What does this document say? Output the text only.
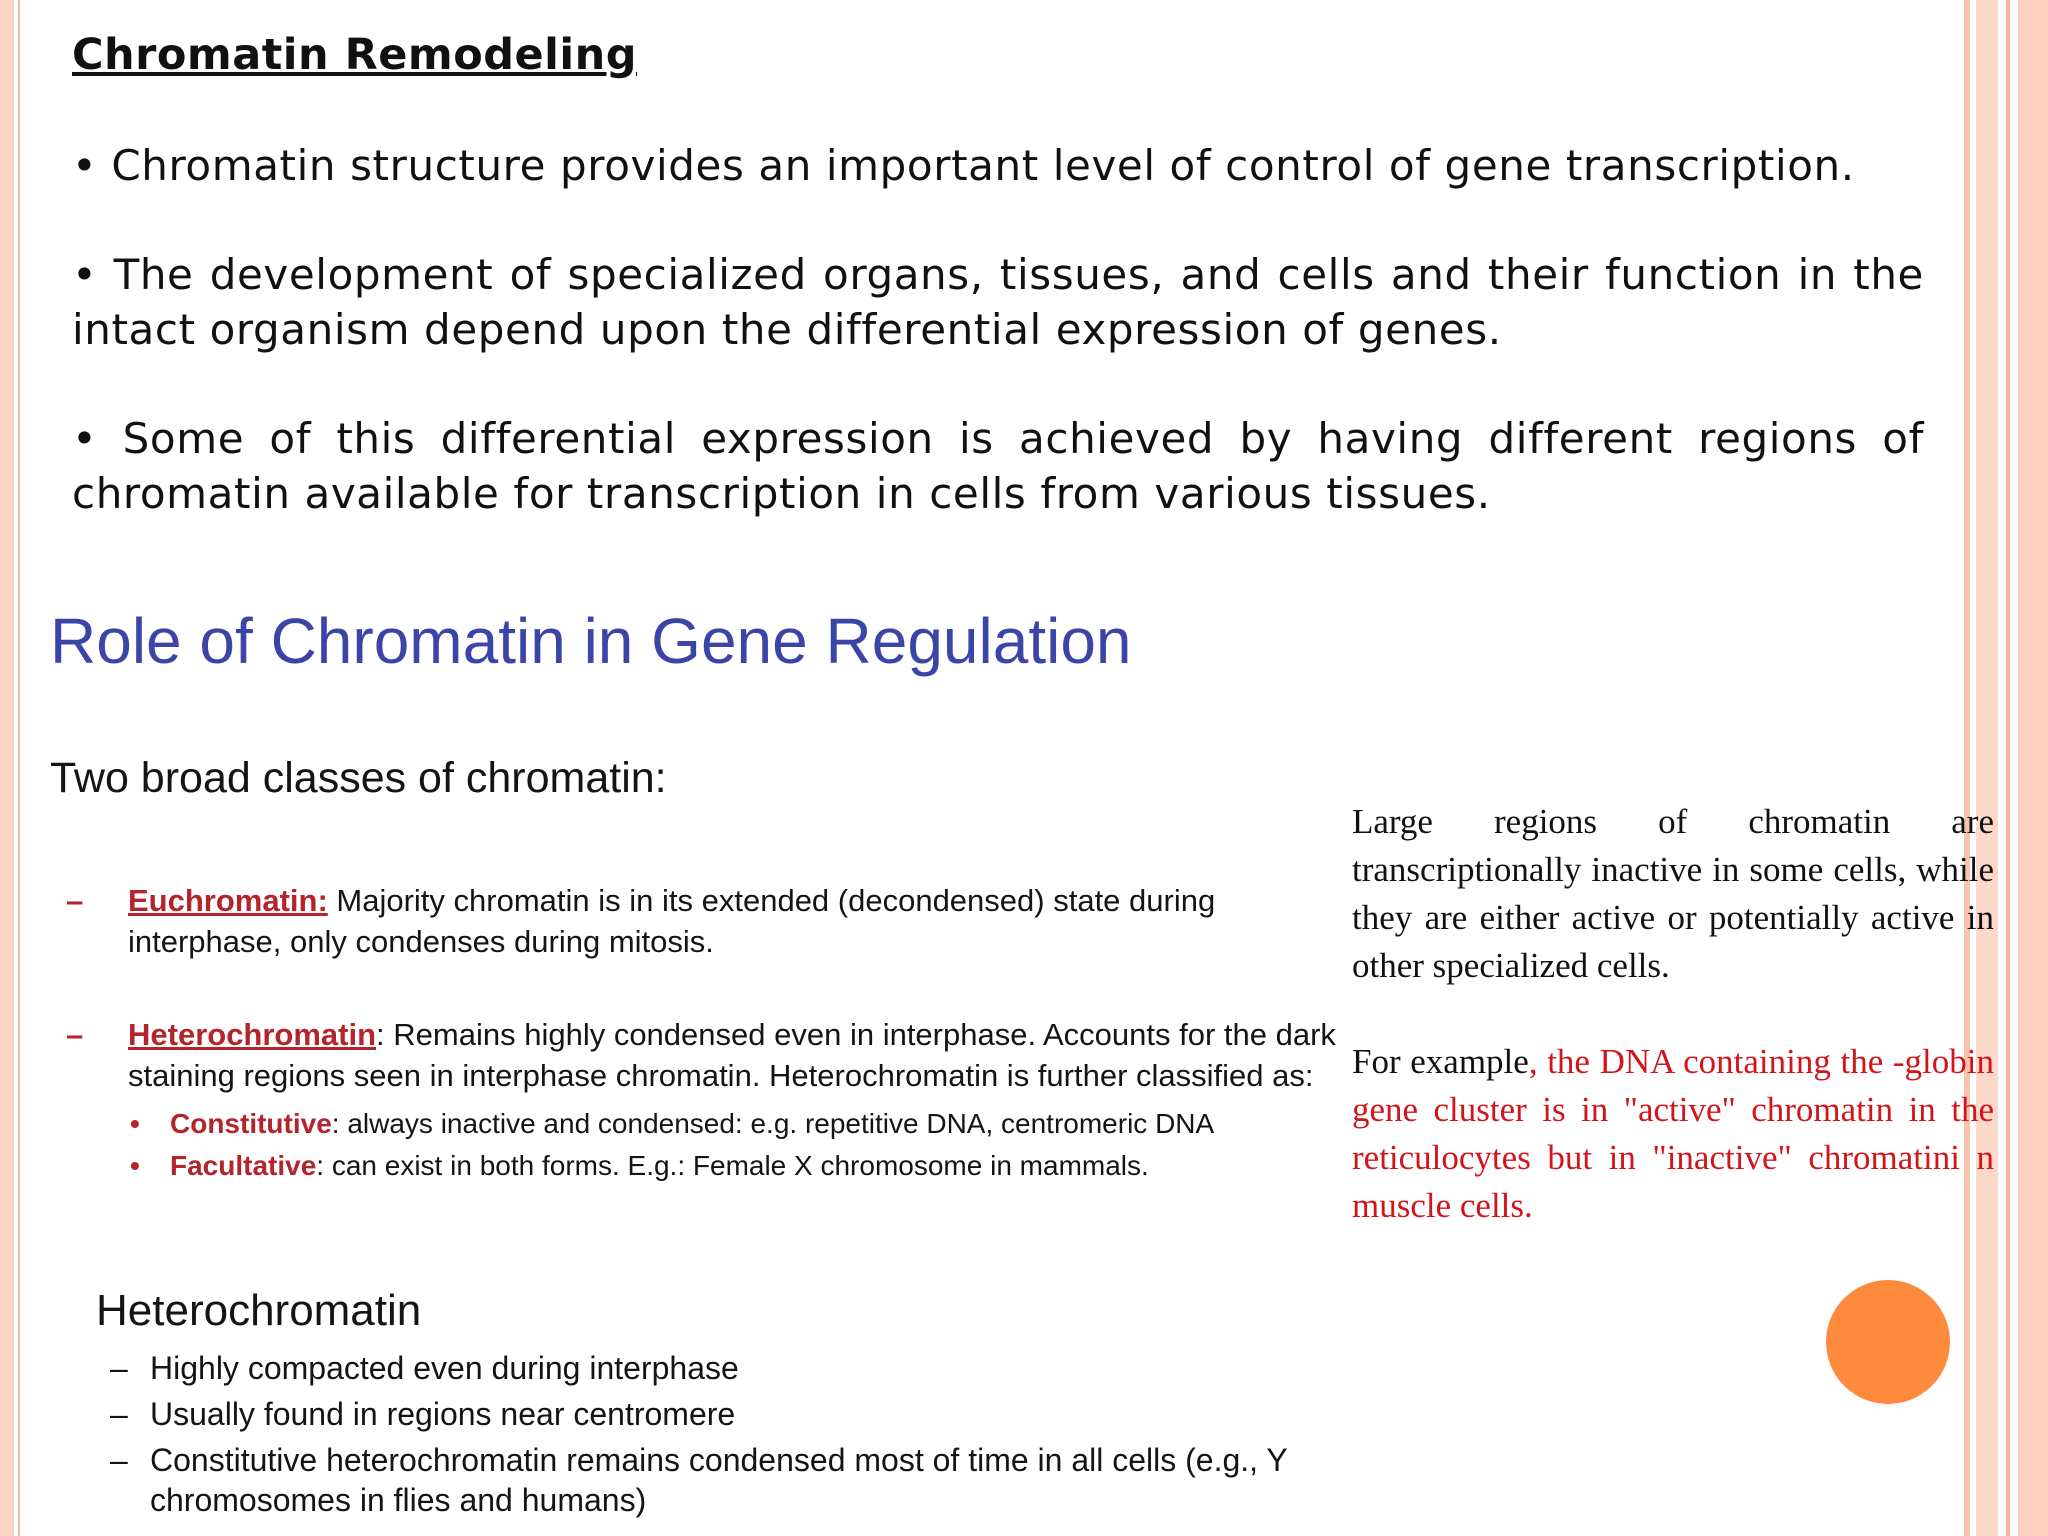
Chromatin Remodeling

• Chromatin structure provides an important level of control of gene transcription.

• The development of specialized organs, tissues, and cells and their function in the intact organism depend upon the differential expression of genes.

• Some of this differential expression is achieved by having different regions of chromatin available for transcription in cells from various tissues.

Role of Chromatin in Gene Regulation
Two broad classes of chromatin:
– Euchromatin: Majority chromatin is in its extended (decondensed) state during interphase, only condenses during mitosis.
– Heterochromatin: Remains highly condensed even in interphase. Accounts for the dark staining regions seen in interphase chromatin. Heterochromatin is further classified as:
• Constitutive: always inactive and condensed: e.g. repetitive DNA, centromeric DNA
• Facultative: can exist in both forms. E.g.: Female X chromosome in mammals.
Heterochromatin
– Highly compacted even during interphase
– Usually found in regions near centromere
– Constitutive heterochromatin remains condensed most of time in all cells (e.g., Y chromosomes in flies and humans)

Large regions of chromatin are transcriptionally inactive in some cells, while they are either active or potentially active in other specialized cells.

For example, the DNA containing the -globin gene cluster is in "active" chromatin in the reticulocytes but in "inactive" chromatini n muscle cells.
